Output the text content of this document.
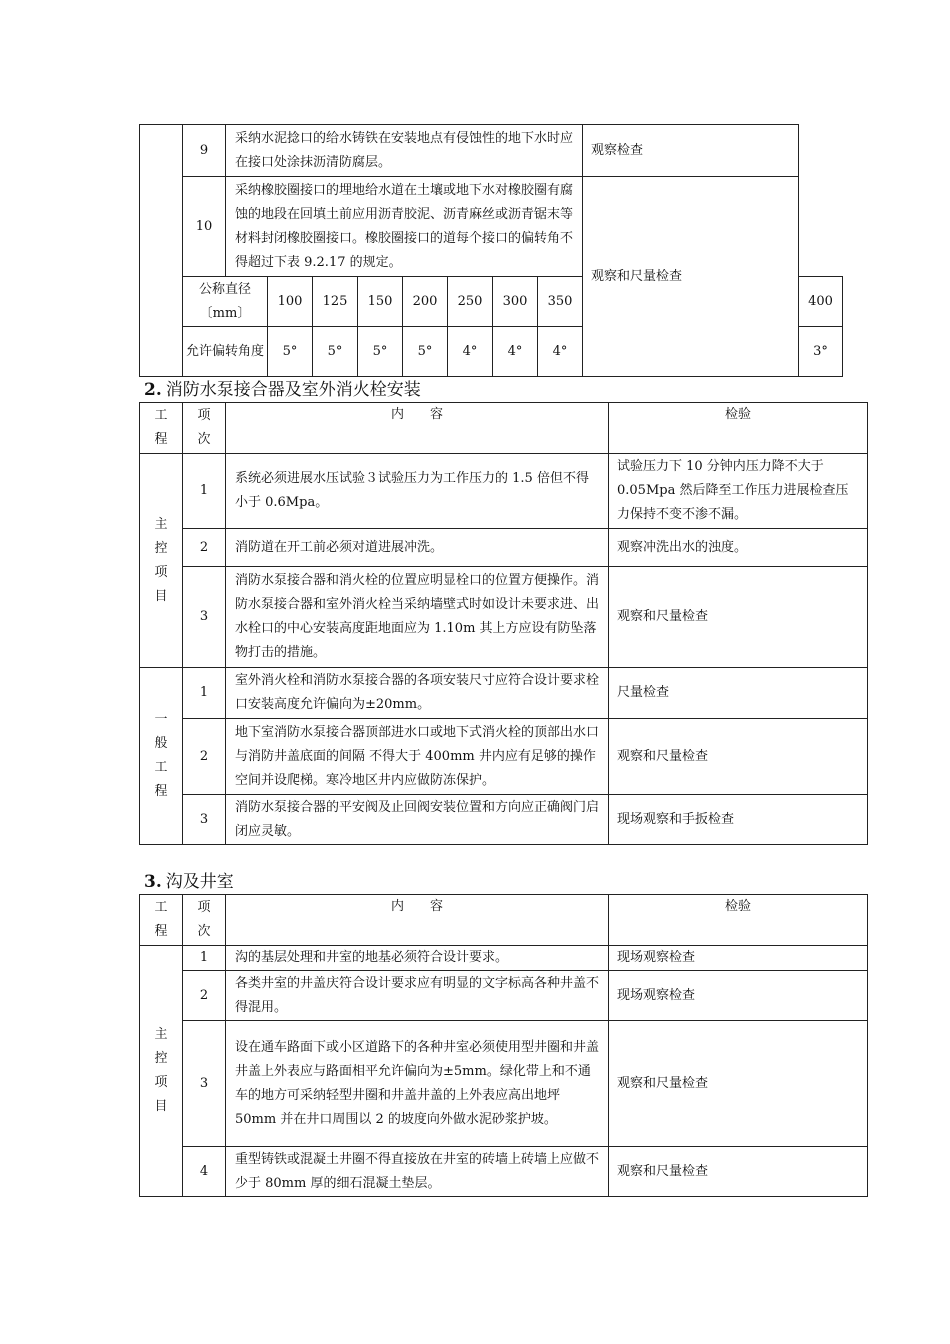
	9	采纳水泥捻口的给水铸铁在安装地点有侵蚀性的地下水时应在接口处涂抹沥清防腐层。								观察检查	
	10	采纳橡胶圈接口的埋地给水道在土壤或地下水对橡胶圈有腐蚀的地段在回填土前应用沥青胶泥、沥青麻丝或沥青锯末等材料封闭橡胶圈接口。橡胶圈接口的道每个接口的偏转角不得超过下表 9.2.17 的规定。								观察和尺量检查	
	公称直径〔mm〕		100	125	150	200	250	300	350		400
	允许偏转角度		5°	5°	5°	5°	4°	4°	4°		3°
2. 消防水泵接合器及室外消火栓安装
工
程	项
次	内　　容	检验

主
控
项
目	1	系统必须进展水压试验３试验压力为工作压力的 1.5 倍但不得小于 0.6Mpa。	试验压力下 10 分钟内压力降不大于 0.05Mpa 然后降至工作压力进展检查压力保持不变不渗不漏。
	2	消防道在开工前必须对道进展冲洗。	观察冲洗出水的浊度。
	3	消防水泵接合器和消火栓的位置应明显栓口的位置方便操作。消防水泵接合器和室外消火栓当采纳墙壁式时如设计未要求进、出水栓口的中心安装高度距地面应为 1.10m 其上方应设有防坠落物打击的措施。	观察和尺量检查

一
般
工
程	1	室外消火栓和消防水泵接合器的各项安装尺寸应符合设计要求栓口安装高度允许偏向为±20mm。	尺量检查
	2	地下室消防水泵接合器顶部进水口或地下式消火栓的顶部出水口与消防井盖底面的间隔 不得大于 400mm 井内应有足够的操作空间并设爬梯。寒冷地区井内应做防冻保护。	观察和尺量检查
	3	消防水泵接合器的平安阀及止回阀安装位置和方向应正确阀门启闭应灵敏。	现场观察和手扳检查
3. 沟及井室
工
程	项
次	内　　容	检验

主
控
项
目	1	沟的基层处理和井室的地基必须符合设计要求。	现场观察检查
	2	各类井室的井盖庆符合设计要求应有明显的文字标高各种井盖不得混用。	现场观察检查
	3	设在通车路面下或小区道路下的各种井室必须使用型井圈和井盖井盖上外表应与路面相平允许偏向为±5mm。绿化带上和不通车的地方可采纳轻型井圈和井盖井盖的上外表应高出地坪 50mm 并在井口周围以 2 的坡度向外做水泥砂浆护坡。	观察和尺量检查
	4	重型铸铁或混凝土井圈不得直接放在井室的砖墙上砖墙上应做不少于 80mm 厚的细石混凝土垫层。	观察和尺量检查
